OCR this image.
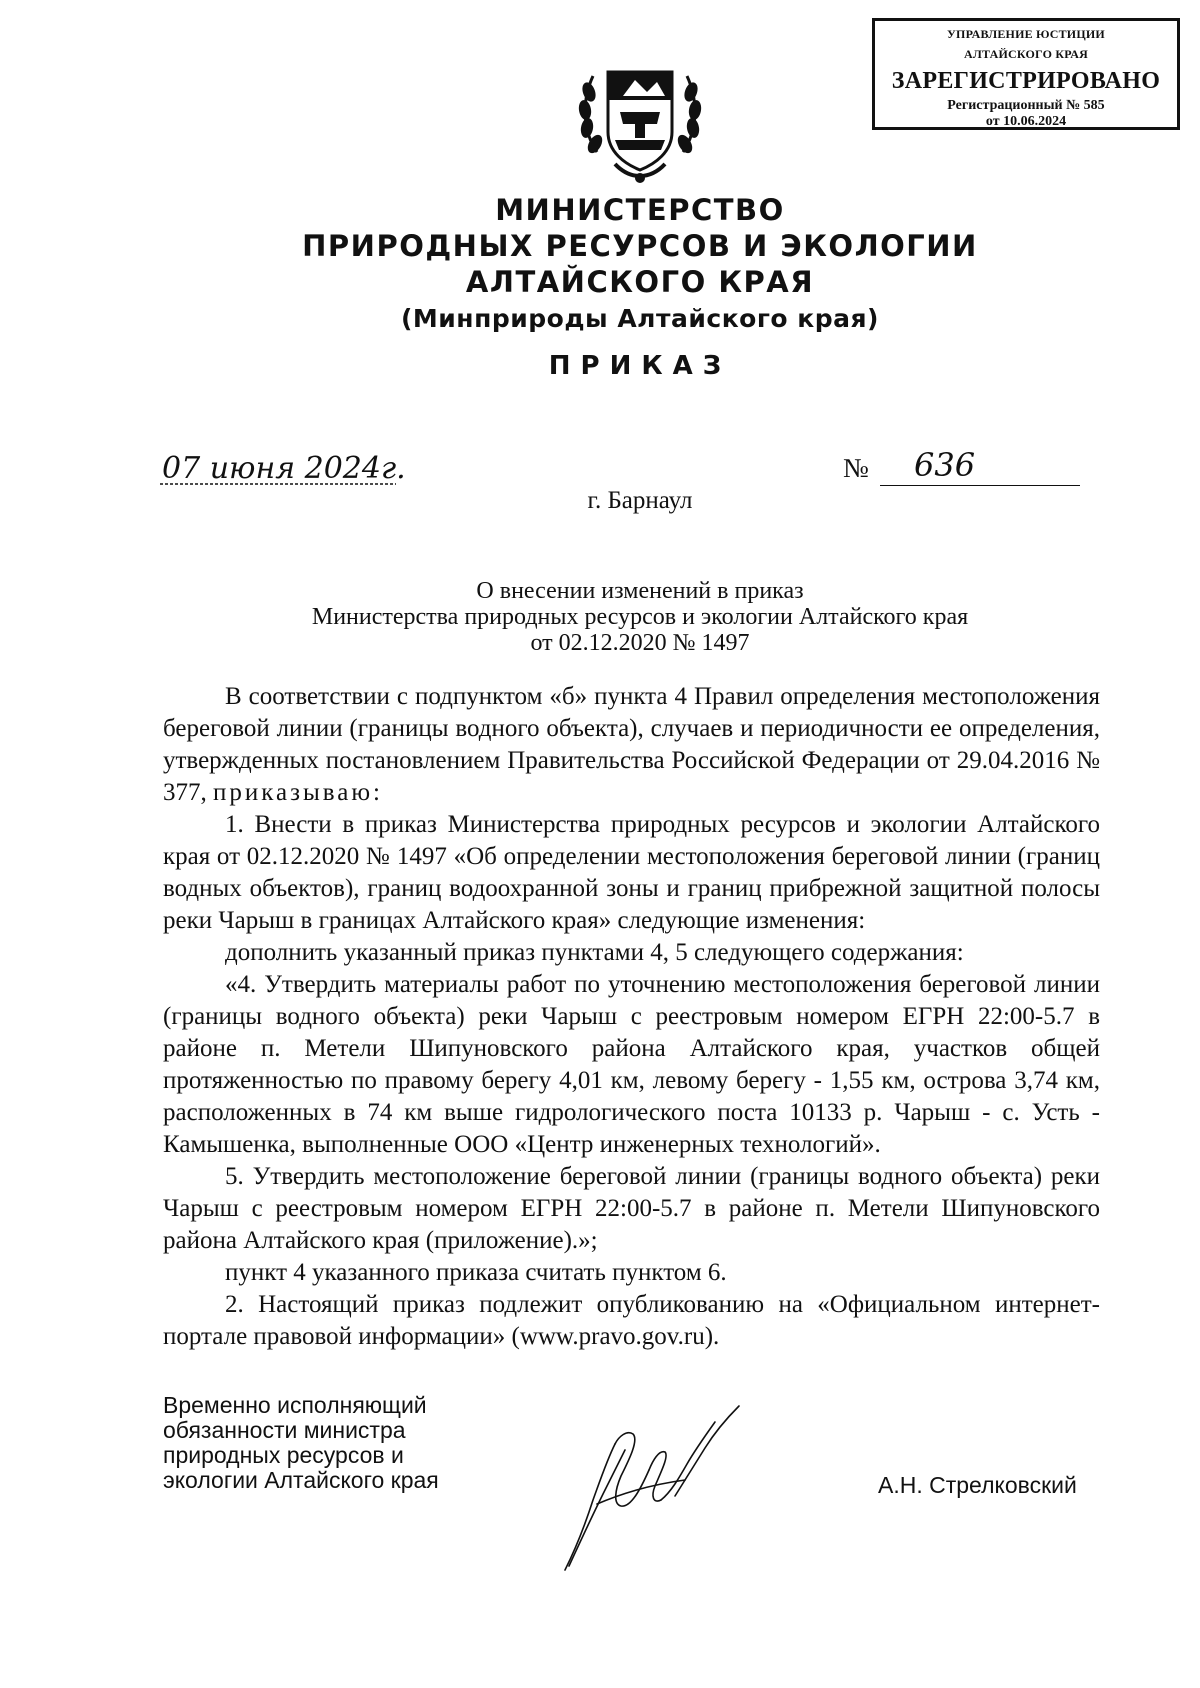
УПРАВЛЕНИЕ ЮСТИЦИИ
АЛТАЙСКОГО КРАЯ
ЗАРЕГИСТРИРОВАНО
Регистрационный № 585
от 10.06.2024
МИНИСТЕРСТВО
ПРИРОДНЫХ РЕСУРСОВ И ЭКОЛОГИИ
АЛТАЙСКОГО КРАЯ
(Минприроды Алтайского края)
ПРИКАЗ
07 июня 2024г.	№ 636
г. Барнаул
О внесении изменений в приказ
Министерства природных ресурсов и экологии Алтайского края
от 02.12.2020 № 1497

В соответствии с подпунктом «б» пункта 4 Правил определения местоположения береговой линии (границы водного объекта), случаев и периодичности ее определения, утвержденных постановлением Правительства Российской Федерации от 29.04.2016 № 377, приказываю:

1. Внести в приказ Министерства природных ресурсов и экологии Алтайского края от 02.12.2020 № 1497 «Об определении местоположения береговой линии (границ водных объектов), границ водоохранной зоны и границ прибрежной защитной полосы реки Чарыш в границах Алтайского края» следующие изменения:

дополнить указанный приказ пунктами 4, 5 следующего содержания:

«4. Утвердить материалы работ по уточнению местоположения береговой линии (границы водного объекта) реки Чарыш с реестровым номером ЕГРН 22:00-5.7 в районе п. Метели Шипуновского района Алтайского края, участков общей протяженностью по правому берегу 4,01 км, левому берегу - 1,55 км, острова 3,74 км, расположенных в 74 км выше гидрологического поста 10133 р. Чарыш - с. Усть - Камышенка, выполненные ООО «Центр инженерных технологий».

5. Утвердить местоположение береговой линии (границы водного объекта) реки Чарыш с реестровым номером ЕГРН 22:00-5.7 в районе п. Метели Шипуновского района Алтайского края (приложение).»;

пункт 4 указанного приказа считать пунктом 6.

2. Настоящий приказ подлежит опубликованию на «Официальном интернет-портале правовой информации» (www.pravo.gov.ru).

Временно исполняющий
обязанности министра
природных ресурсов и
экологии Алтайского края	А.Н. Стрелковский
